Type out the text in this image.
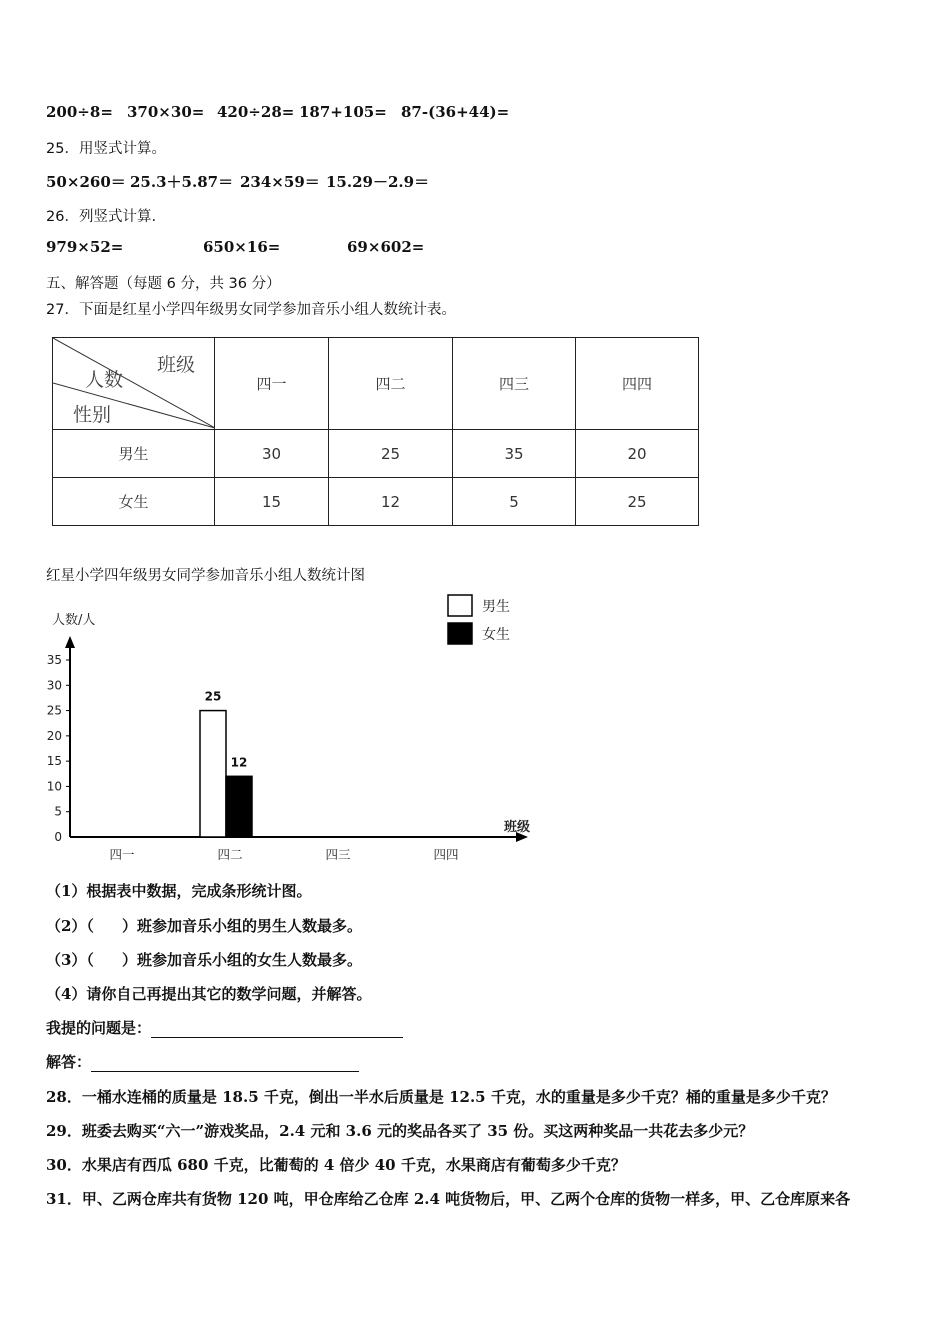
200÷8= 370×30= 420÷28= 187+105= 87-(36+44)=
25．用竖式计算。
50×260＝ 25.3＋5.87＝ 234×59＝ 15.29－2.9＝
26．列竖式计算.
979×52=	650×16=	69×602=
五、解答题（每题 6 分，共 36 分）
27．下面是红星小学四年级男女同学参加音乐小组人数统计表。
班级
人数
性别	四一	四二	四三	四四
男生	30	25	35	20
女生	15	12	5	25
红星小学四年级男女同学参加音乐小组人数统计图
人数/人
班级
0
5
10
15
20
25
30
35
四一	四二	四三	四四
25
12
男生
女生
（1）根据表中数据，完成条形统计图。
（2）（ ）班参加音乐小组的男生人数最多。
（3）（ ）班参加音乐小组的女生人数最多。
（4）请你自己再提出其它的数学问题，并解答。
我提的问题是：
解答：
28．一桶水连桶的质量是 18.5 千克，倒出一半水后质量是 12.5 千克，水的重量是多少千克？桶的重量是多少千克？
29．班委去购买“六一”游戏奖品，2.4 元和 3.6 元的奖品各买了 35 份。买这两种奖品一共花去多少元？
30．水果店有西瓜 680 千克，比葡萄的 4 倍少 40 千克，水果商店有葡萄多少千克？
31．甲、乙两仓库共有货物 120 吨，甲仓库给乙仓库 2.4 吨货物后，甲、乙两个仓库的货物一样多，甲、乙仓库原来各
